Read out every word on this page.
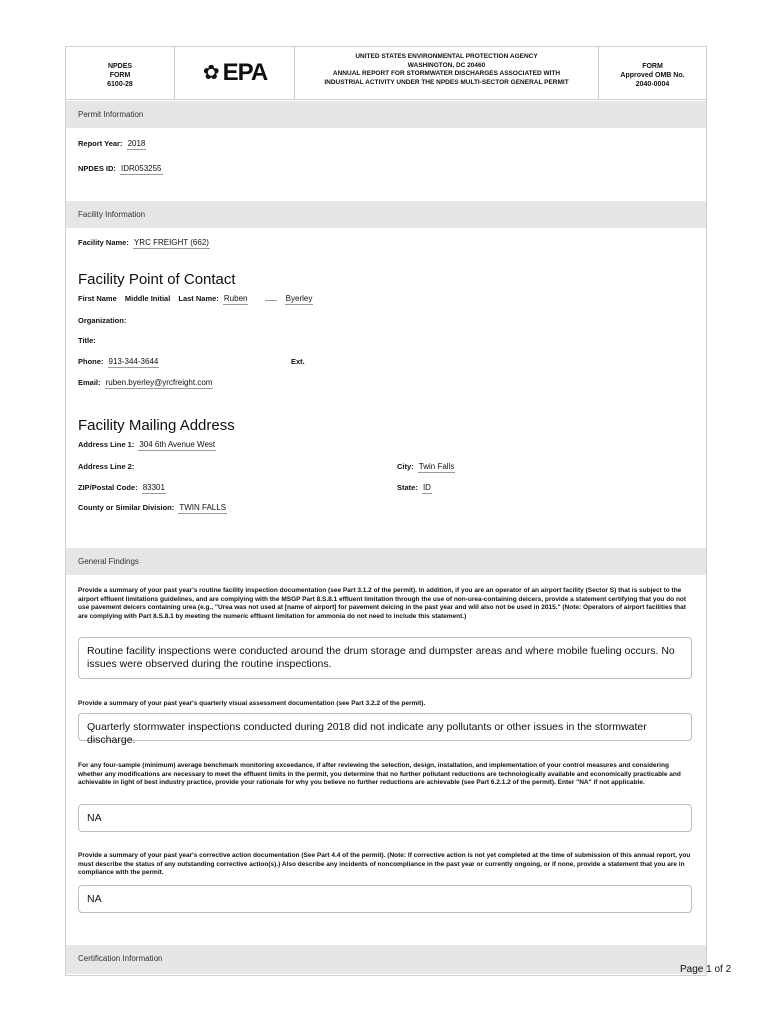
NPDES
FORM
6100-28
✿ EPA
UNITED STATES ENVIRONMENTAL PROTECTION AGENCY
WASHINGTON, DC 20460
ANNUAL REPORT FOR STORMWATER DISCHARGES ASSOCIATED WITH
INDUSTRIAL ACTIVITY UNDER THE NPDES MULTI-SECTOR GENERAL PERMIT
FORM
Approved OMB No.
2040-0004
Permit Information
Report Year: 2018
NPDES ID: IDR053255
Facility Information
Facility Name: YRC FREIGHT (662)
Facility Point of Contact
First Name Middle Initial Last Name: Ruben	Byerley
Organization:
Title:
Phone: 913-344-3644	Ext.
Email: ruben.byerley@yrcfreight.com
Facility Mailing Address
Address Line 1: 304 6th Avenue West
Address Line 2:	City: Twin Falls
ZIP/Postal Code: 83301	State: ID
County or Similar Division: TWIN FALLS
General Findings
Provide a summary of your past year's routine facility inspection documentation (see Part 3.1.2 of the permit). In addition, if you are an operator of an airport facility (Sector S) that is subject to the airport effluent limitations guidelines, and are complying with the MSGP Part 8.S.8.1 effluent limitation through the use of non-urea-containing deicers, provide a statement certifying that you do not use pavement deicers containing urea (e.g., "Urea was not used at [name of airport] for pavement deicing in the past year and will also not be used in 2015." (Note: Operators of airport facilities that are complying with Part 8.S.8.1 by meeting the numeric effluent limitation for ammonia do not need to include this statement.)
Routine facility inspections were conducted around the drum storage and dumpster areas and where mobile fueling occurs. No issues were observed during the routine inspections.
Provide a summary of your past year's quarterly visual assessment documentation (see Part 3.2.2 of the permit).
Quarterly stormwater inspections conducted during 2018 did not indicate any pollutants or other issues in the stormwater discharge.
For any four-sample (minimum) average benchmark monitoring exceedance, if after reviewing the selection, design, installation, and implementation of your control measures and considering whether any modifications are necessary to meet the effluent limits in the permit, you determine that no further pollutant reductions are technologically available and economically practicable and achievable in light of best industry practice, provide your rationale for why you believe no further reductions are achievable (see Part 6.2.1.2 of the permit). Enter "NA" if not applicable.
NA
Provide a summary of your past year's corrective action documentation (See Part 4.4 of the permit). (Note: If corrective action is not yet completed at the time of submission of this annual report, you must describe the status of any outstanding corrective action(s).) Also describe any incidents of noncompliance in the past year or currently ongoing, or if none, provide a statement that you are in compliance with the permit.
NA
Certification Information
Page 1 of 2
